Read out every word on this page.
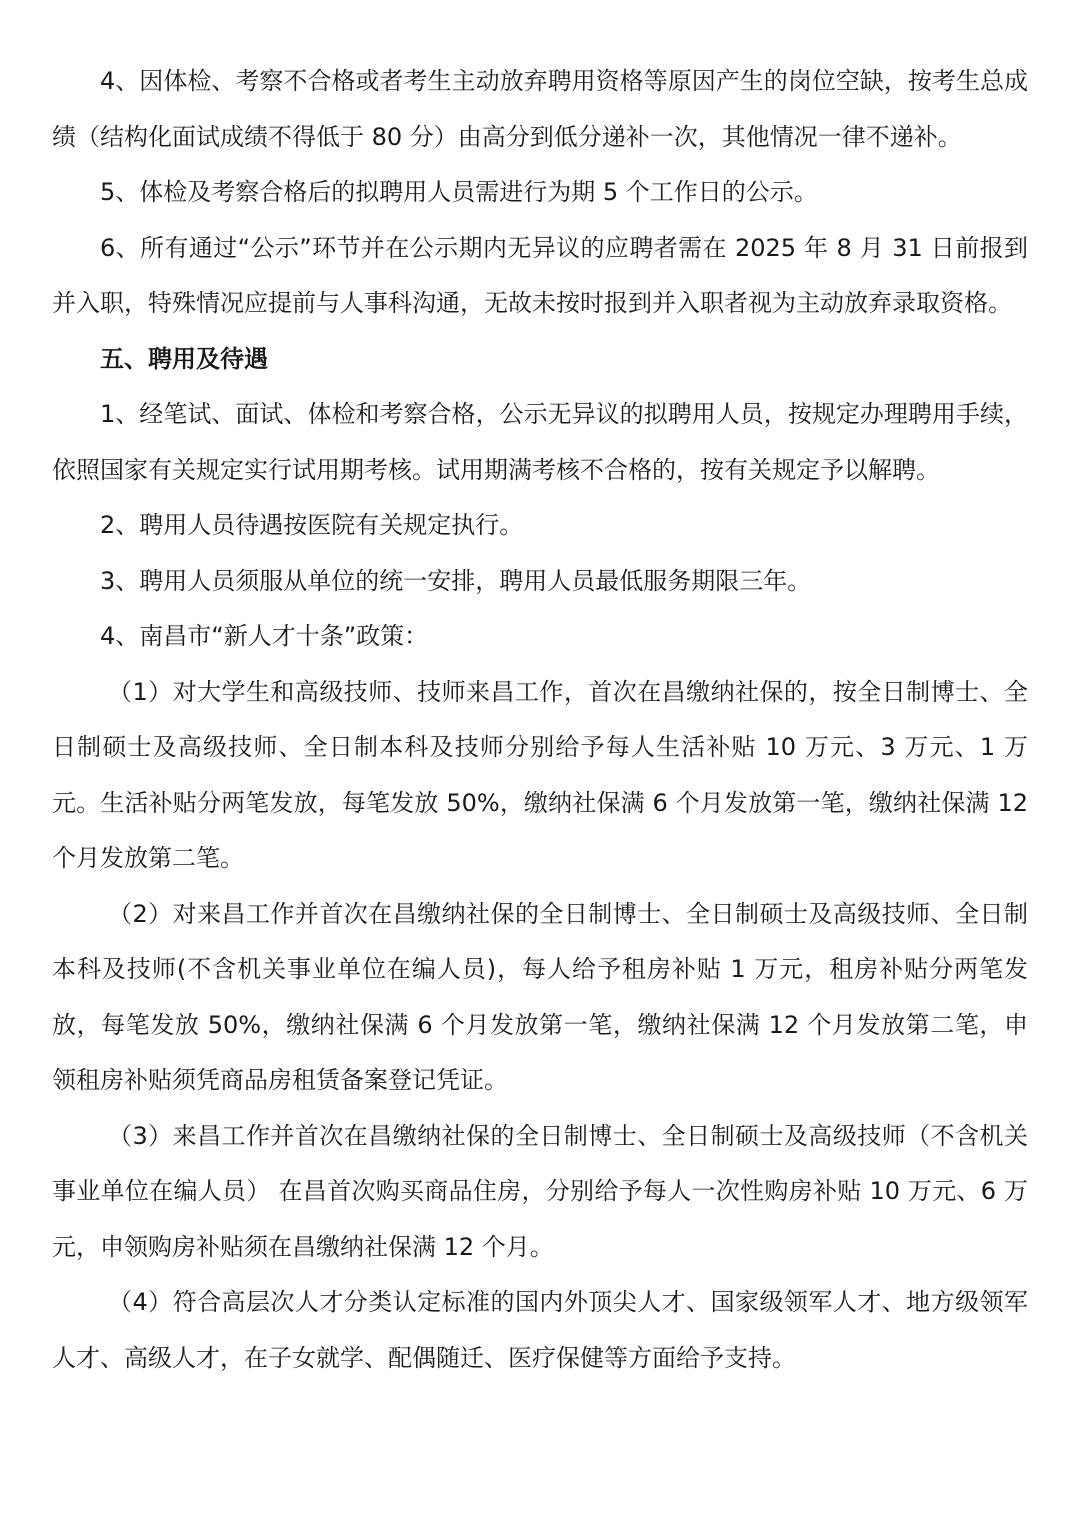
4、因体检、考察不合格或者考生主动放弃聘用资格等原因产生的岗位空缺，按考生总成绩（结构化面试成绩不得低于 80 分）由高分到低分递补一次，其他情况一律不递补。

5、体检及考察合格后的拟聘用人员需进行为期 5 个工作日的公示。

6、所有通过“公示”环节并在公示期内无异议的应聘者需在 2025 年 8 月 31 日前报到并入职，特殊情况应提前与人事科沟通，无故未按时报到并入职者视为主动放弃录取资格。

五、聘用及待遇

1、经笔试、面试、体检和考察合格，公示无异议的拟聘用人员，按规定办理聘用手续，依照国家有关规定实行试用期考核。试用期满考核不合格的，按有关规定予以解聘。

2、聘用人员待遇按医院有关规定执行。

3、聘用人员须服从单位的统一安排，聘用人员最低服务期限三年。

4、南昌市“新人才十条”政策：

（1）对大学生和高级技师、技师来昌工作，首次在昌缴纳社保的，按全日制博士、全日制硕士及高级技师、全日制本科及技师分别给予每人生活补贴 10 万元、3 万元、1 万元。生活补贴分两笔发放，每笔发放 50%，缴纳社保满 6 个月发放第一笔，缴纳社保满 12 个月发放第二笔。

（2）对来昌工作并首次在昌缴纳社保的全日制博士、全日制硕士及高级技师、全日制本科及技师(不含机关事业单位在编人员)，每人给予租房补贴 1 万元，租房补贴分两笔发放，每笔发放 50%，缴纳社保满 6 个月发放第一笔，缴纳社保满 12 个月发放第二笔，申领租房补贴须凭商品房租赁备案登记凭证。

（3）来昌工作并首次在昌缴纳社保的全日制博士、全日制硕士及高级技师（不含机关事业单位在编人员） 在昌首次购买商品住房，分别给予每人一次性购房补贴 10 万元、6 万元，申领购房补贴须在昌缴纳社保满 12 个月。

（4）符合高层次人才分类认定标准的国内外顶尖人才、国家级领军人才、地方级领军人才、高级人才，在子女就学、配偶随迁、医疗保健等方面给予支持。
